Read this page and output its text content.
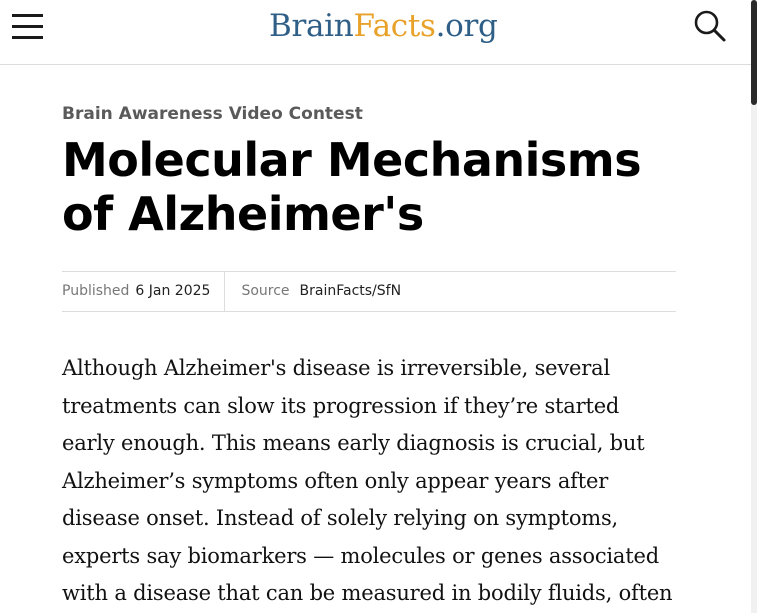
BrainFacts.org

Brain Awareness Video Contest

Molecular Mechanisms of Alzheimer's
Published 6 Jan 2025 Source BrainFacts/SfN

Although Alzheimer's disease is irreversible, several treatments can slow its progression if they’re started early enough. This means early diagnosis is crucial, but Alzheimer’s symptoms often only appear years after disease onset. Instead of solely relying on symptoms, experts say biomarkers — molecules or genes associated with a disease that can be measured in bodily fluids, often
